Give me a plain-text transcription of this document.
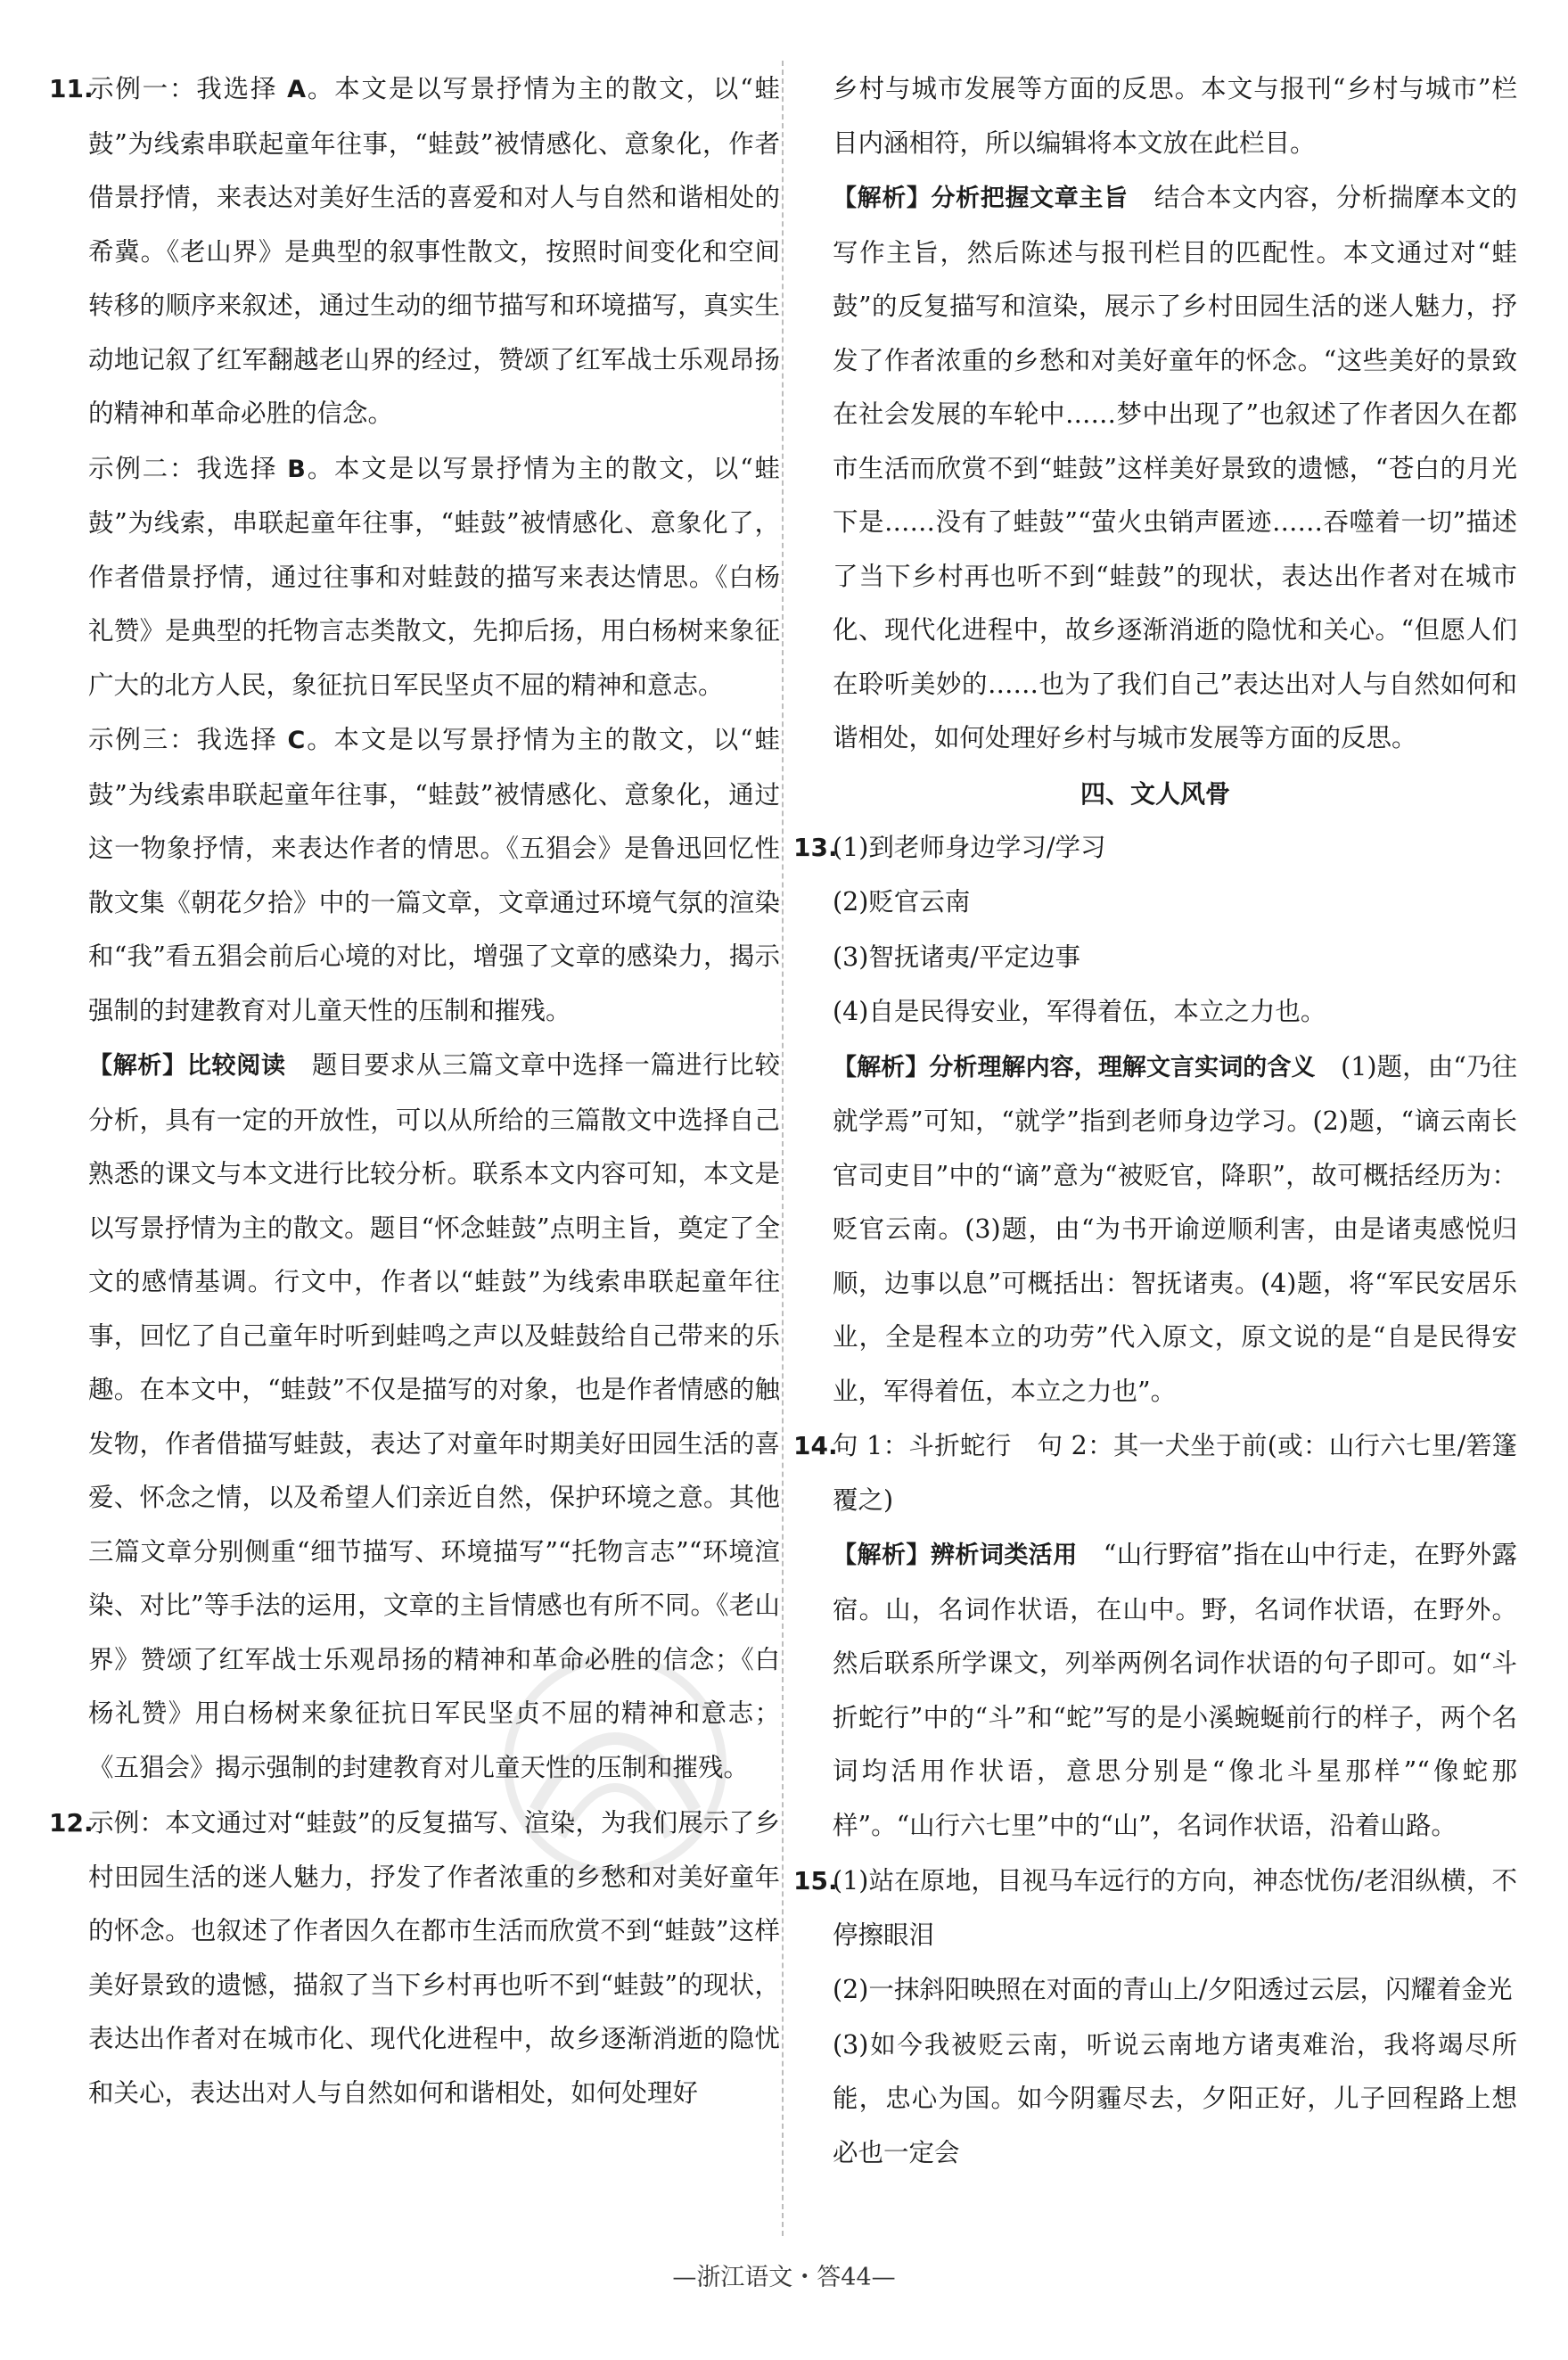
11.
示例一：我选择 A。本文是以写景抒情为主的散文，以“蛙鼓”为线索串联起童年往事，“蛙鼓”被情感化、意象化，作者借景抒情，来表达对美好生活的喜爱和对人与自然和谐相处的希冀。《老山界》是典型的叙事性散文，按照时间变化和空间转移的顺序来叙述，通过生动的细节描写和环境描写，真实生动地记叙了红军翻越老山界的经过，赞颂了红军战士乐观昂扬的精神和革命必胜的信念。

示例二：我选择 B。本文是以写景抒情为主的散文，以“蛙鼓”为线索，串联起童年往事，“蛙鼓”被情感化、意象化了，作者借景抒情，通过往事和对蛙鼓的描写来表达情思。《白杨礼赞》是典型的托物言志类散文，先抑后扬，用白杨树来象征广大的北方人民，象征抗日军民坚贞不屈的精神和意志。

示例三：我选择 C。本文是以写景抒情为主的散文，以“蛙鼓”为线索串联起童年往事，“蛙鼓”被情感化、意象化，通过这一物象抒情，来表达作者的情思。《五猖会》是鲁迅回忆性散文集《朝花夕拾》中的一篇文章，文章通过环境气氛的渲染和“我”看五猖会前后心境的对比，增强了文章的感染力，揭示强制的封建教育对儿童天性的压制和摧残。

【解析】比较阅读　题目要求从三篇文章中选择一篇进行比较分析，具有一定的开放性，可以从所给的三篇散文中选择自己熟悉的课文与本文进行比较分析。联系本文内容可知，本文是以写景抒情为主的散文。题目“怀念蛙鼓”点明主旨，奠定了全文的感情基调。行文中，作者以“蛙鼓”为线索串联起童年往事，回忆了自己童年时听到蛙鸣之声以及蛙鼓给自己带来的乐趣。在本文中，“蛙鼓”不仅是描写的对象，也是作者情感的触发物，作者借描写蛙鼓，表达了对童年时期美好田园生活的喜爱、怀念之情，以及希望人们亲近自然，保护环境之意。其他三篇文章分别侧重“细节描写、环境描写”“托物言志”“环境渲染、对比”等手法的运用，文章的主旨情感也有所不同。《老山界》赞颂了红军战士乐观昂扬的精神和革命必胜的信念；《白杨礼赞》用白杨树来象征抗日军民坚贞不屈的精神和意志；《五猖会》揭示强制的封建教育对儿童天性的压制和摧残。

12.
示例：本文通过对“蛙鼓”的反复描写、渲染，为我们展示了乡村田园生活的迷人魅力，抒发了作者浓重的乡愁和对美好童年的怀念。也叙述了作者因久在都市生活而欣赏不到“蛙鼓”这样美好景致的遗憾，描叙了当下乡村再也听不到“蛙鼓”的现状，表达出作者对在城市化、现代化进程中，故乡逐渐消逝的隐忧和关心，表达出对人与自然如何和谐相处，如何处理好

乡村与城市发展等方面的反思。本文与报刊“乡村与城市”栏目内涵相符，所以编辑将本文放在此栏目。

【解析】分析把握文章主旨　结合本文内容，分析揣摩本文的写作主旨，然后陈述与报刊栏目的匹配性。本文通过对“蛙鼓”的反复描写和渲染，展示了乡村田园生活的迷人魅力，抒发了作者浓重的乡愁和对美好童年的怀念。“这些美好的景致在社会发展的车轮中……梦中出现了”也叙述了作者因久在都市生活而欣赏不到“蛙鼓”这样美好景致的遗憾，“苍白的月光下是……没有了蛙鼓”“萤火虫销声匿迹……吞噬着一切”描述了当下乡村再也听不到“蛙鼓”的现状，表达出作者对在城市化、现代化进程中，故乡逐渐消逝的隐忧和关心。“但愿人们在聆听美妙的……也为了我们自己”表达出对人与自然如何和谐相处，如何处理好乡村与城市发展等方面的反思。

四、文人风骨

13.
(1)到老师身边学习/学习

(2)贬官云南

(3)智抚诸夷/平定边事

(4)自是民得安业，军得着伍，本立之力也。

【解析】分析理解内容，理解文言实词的含义　(1)题，由“乃往就学焉”可知，“就学”指到老师身边学习。(2)题，“谪云南长官司吏目”中的“谪”意为“被贬官，降职”，故可概括经历为：贬官云南。(3)题，由“为书开谕逆顺利害，由是诸夷感悦归顺，边事以息”可概括出：智抚诸夷。(4)题，将“军民安居乐业，全是程本立的功劳”代入原文，原文说的是“自是民得安业，军得着伍，本立之力也”。

14.
句 1：斗折蛇行　句 2：其一犬坐于前(或：山行六七里/箬篷覆之)

【解析】辨析词类活用　“山行野宿”指在山中行走，在野外露宿。山，名词作状语，在山中。野，名词作状语，在野外。然后联系所学课文，列举两例名词作状语的句子即可。如“斗折蛇行”中的“斗”和“蛇”写的是小溪蜿蜒前行的样子，两个名词均活用作状语，意思分别是“像北斗星那样”“像蛇那样”。“山行六七里”中的“山”，名词作状语，沿着山路。

15.
(1)站在原地，目视马车远行的方向，神态忧伤/老泪纵横，不停擦眼泪

(2)一抹斜阳映照在对面的青山上/夕阳透过云层，闪耀着金光

(3)如今我被贬云南，听说云南地方诸夷难治，我将竭尽所能，忠心为国。如今阴霾尽去，夕阳正好，儿子回程路上想必也一定会

—浙江语文・答44—
